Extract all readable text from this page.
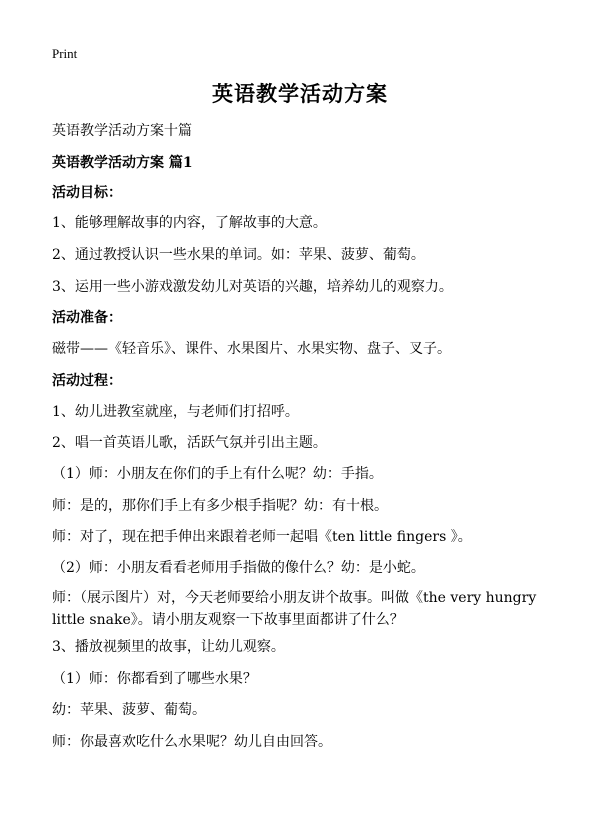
Print
英语教学活动方案
英语教学活动方案十篇
英语教学活动方案 篇1
活动目标：
1、能够理解故事的内容，了解故事的大意。
2、通过教授认识一些水果的单词。如：苹果、菠萝、葡萄。
3、运用一些小游戏激发幼儿对英语的兴趣，培养幼儿的观察力。
活动准备：
磁带——《轻音乐》、课件、水果图片、水果实物、盘子、叉子。
活动过程：
1、幼儿进教室就座，与老师们打招呼。
2、唱一首英语儿歌，活跃气氛并引出主题。
（1）师：小朋友在你们的手上有什么呢？幼：手指。
师：是的，那你们手上有多少根手指呢？幼：有十根。
师：对了，现在把手伸出来跟着老师一起唱《ten little fingers 》。
（2）师：小朋友看看老师用手指做的像什么？幼：是小蛇。
师：（展示图片）对，今天老师要给小朋友讲个故事。叫做《the very hungry little snake》。请小朋友观察一下故事里面都讲了什么？
3、播放视频里的故事，让幼儿观察。
（1）师：你都看到了哪些水果？
幼：苹果、菠萝、葡萄。
师：你最喜欢吃什么水果呢？幼儿自由回答。
